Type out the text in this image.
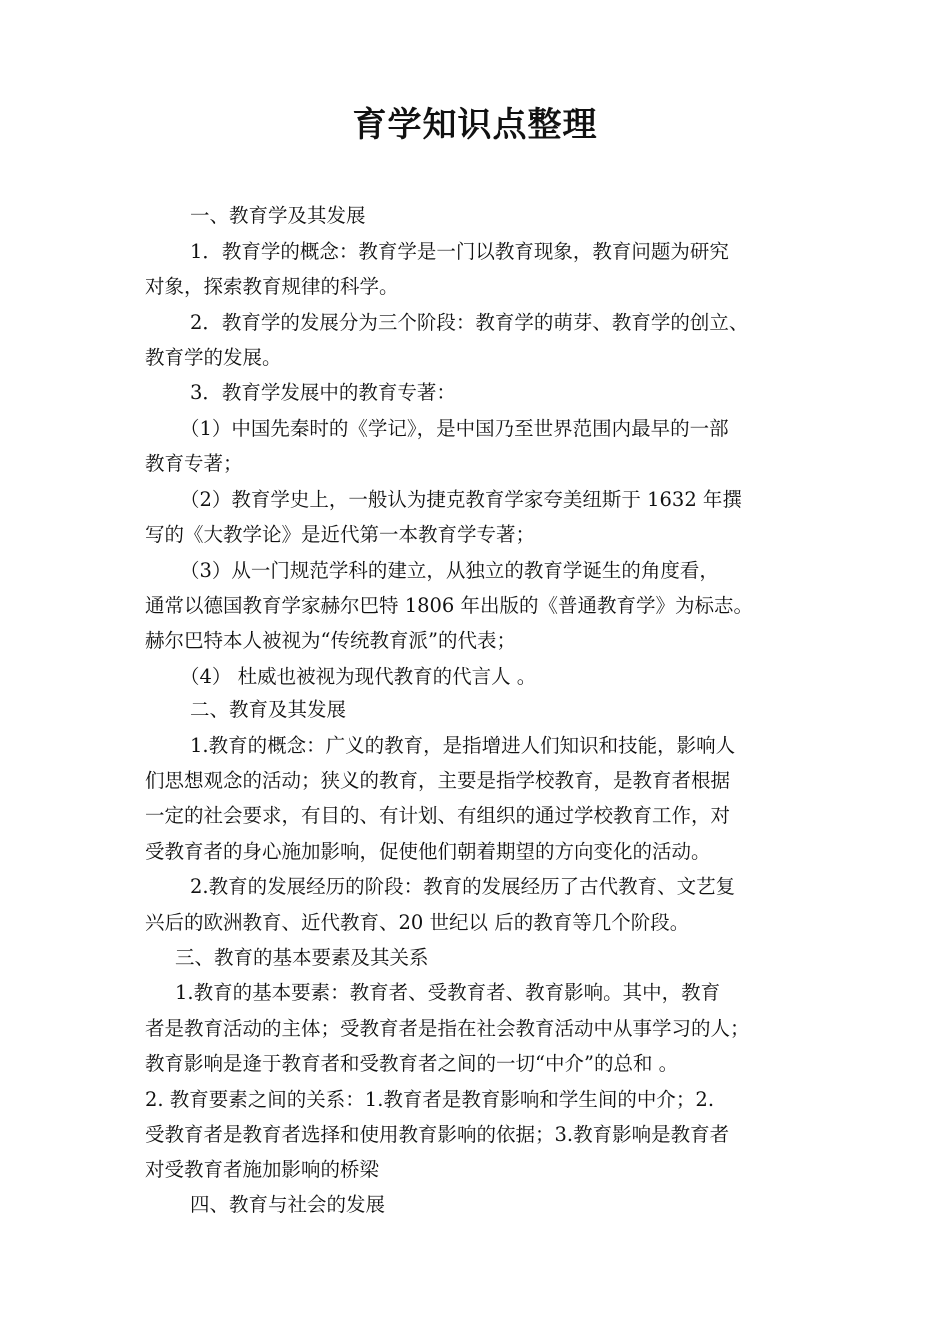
育学知识点整理
一、教育学及其发展
1．教育学的概念：教育学是一门以教育现象，教育问题为研究
对象，探索教育规律的科学。
2．教育学的发展分为三个阶段：教育学的萌芽、教育学的创立、
教育学的发展。
3．教育学发展中的教育专著：
（1）中国先秦时的《学记》，是中国乃至世界范围内最早的一部
教育专著；
（2）教育学史上，一般认为捷克教育学家夸美纽斯于 1632 年撰
写的《大教学论》是近代第一本教育学专著；
（3）从一门规范学科的建立，从独立的教育学诞生的角度看，
通常以德国教育学家赫尔巴特 1806 年出版的《普通教育学》为标志。
赫尔巴特本人被视为“传统教育派”的代表；
（4） 杜威也被视为现代教育的代言人 。
二、教育及其发展
1.教育的概念：广义的教育，是指增进人们知识和技能，影响人
们思想观念的活动；狭义的教育，主要是指学校教育，是教育者根据
一定的社会要求，有目的、有计划、有组织的通过学校教育工作，对
受教育者的身心施加影响，促使他们朝着期望的方向变化的活动。
2.教育的发展经历的阶段：教育的发展经历了古代教育、文艺复
兴后的欧洲教育、近代教育、20 世纪以 后的教育等几个阶段。
三、教育的基本要素及其关系
1.教育的基本要素：教育者、受教育者、教育影响。其中，教育
者是教育活动的主体；受教育者是指在社会教育活动中从事学习的人；
教育影响是逄于教育者和受教育者之间的一切“中介”的总和 。
2. 教育要素之间的关系：1.教育者是教育影响和学生间的中介；2.
受教育者是教育者选择和使用教育影响的依据；3.教育影响是教育者
对受教育者施加影响的桥梁
四、教育与社会的发展
